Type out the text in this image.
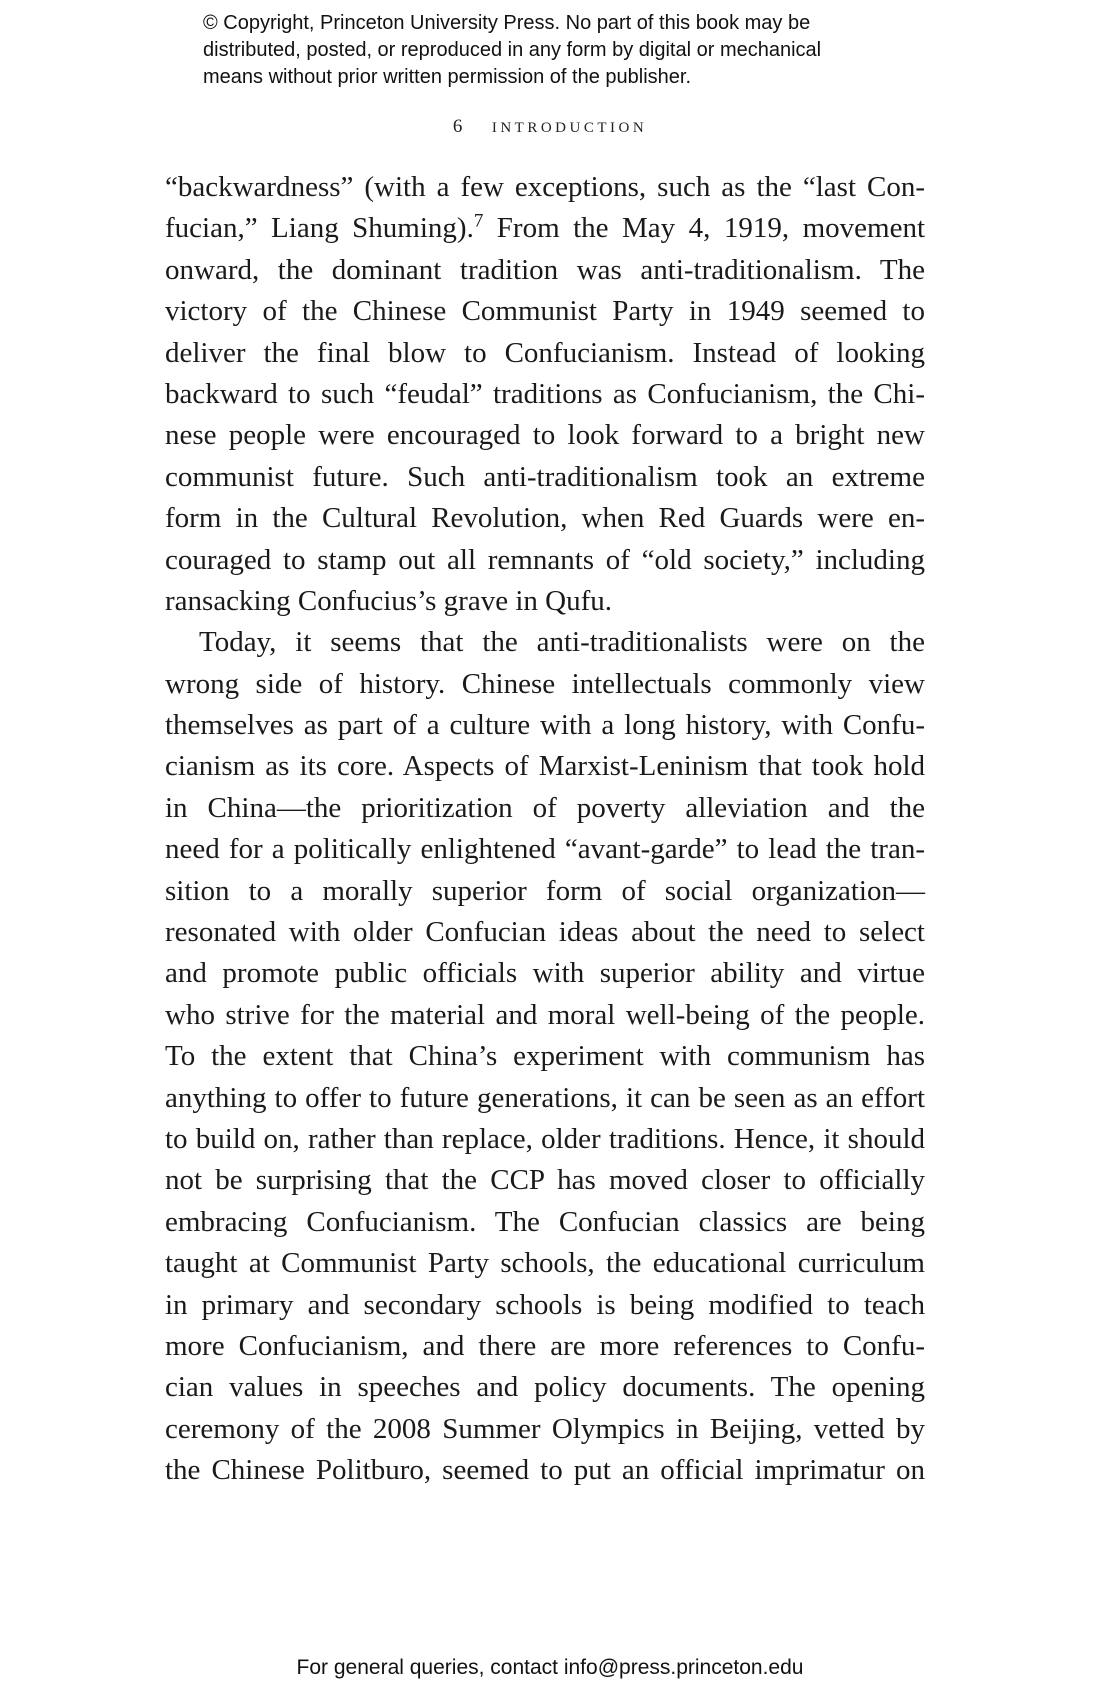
© Copyright, Princeton University Press. No part of this book may be
distributed, posted, or reproduced in any form by digital or mechanical
means without prior written permission of the publisher.
6 introduction
“backwardness” (with a few exceptions, such as the “last Con-
fucian,” Liang Shuming).$^7$ From the May 4, 1919, movement
onward, the dominant tradition was anti-traditionalism. The
victory of the Chinese Communist Party in 1949 seemed to
deliver the final blow to Confucianism. Instead of looking
backward to such “feudal” traditions as Confucianism, the Chi-
nese people were encouraged to look forward to a bright new
communist future. Such anti-traditionalism took an extreme
form in the Cultural Revolution, when Red Guards were en-
couraged to stamp out all remnants of “old society,” including
ransacking Confucius’s grave in Qufu.
Today, it seems that the anti-traditionalists were on the
wrong side of history. Chinese intellectuals commonly view
themselves as part of a culture with a long history, with Confu-
cianism as its core. Aspects of Marxist-Leninism that took hold
in China—the prioritization of poverty alleviation and the
need for a politically enlightened “avant-garde” to lead the tran-
sition to a morally superior form of social organization—
resonated with older Confucian ideas about the need to select
and promote public officials with superior ability and virtue
who strive for the material and moral well-being of the people.
To the extent that China’s experiment with communism has
anything to offer to future generations, it can be seen as an effort
to build on, rather than replace, older traditions. Hence, it should
not be surprising that the CCP has moved closer to officially
embracing Confucianism. The Confucian classics are being
taught at Communist Party schools, the educational curriculum
in primary and secondary schools is being modified to teach
more Confucianism, and there are more references to Confu-
cian values in speeches and policy documents. The opening
ceremony of the 2008 Summer Olympics in Beijing, vetted by
the Chinese Politburo, seemed to put an official imprimatur on
For general queries, contact info@press.princeton.edu
